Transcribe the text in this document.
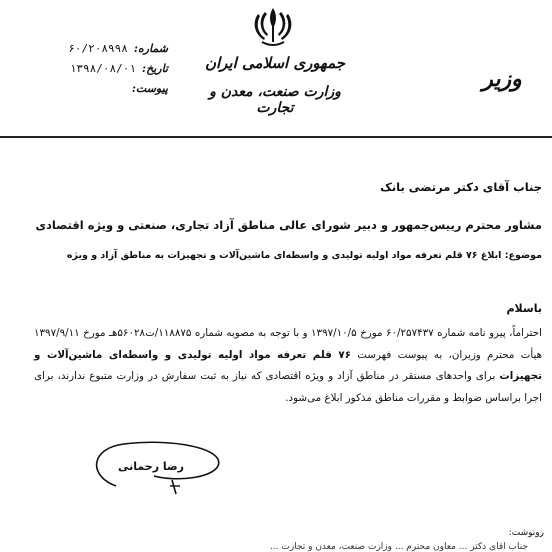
جمهوری اسلامی ایران
وزارت صنعت، معدن و تجارت
وزیر
شماره:
۶۰/۲۰۸۹۹۸
تاریخ:
۱۳۹۸/۰۸/۰۱
پیوست:
جناب آقای دکتر مرتضی بانک
مشاور محترم رییس‌جمهور و دبیر شورای عالی مناطق آزاد تجاری، صنعتی و ویژه اقتصادی
موضوع: ابلاغ ۷۶ قلم تعرفه مواد اولیه تولیدی و واسطه‌ای ماشین‌آلات و تجهیزات به مناطق آزاد و ویژه
باسلام
احتراماً، پیرو نامه شماره ۶۰/۲۵۷۴۳۷ مورخ ۱۳۹۷/۱۰/۵ و با توجه به مصوبه شماره ۱۱۸۸۷۵/ت۵۶۰۲۸هـ مورخ ۱۳۹۷/۹/۱۱ هیأت محترم وزیران، به پیوست فهرست ۷۶ قلم تعرفه مواد اولیه تولیدی و واسطه‌ای ماشین‌آلات و تجهیزات برای واحدهای مستقر در مناطق آزاد و ویژه اقتصادی که نیاز به ثبت سفارش در وزارت متبوع ندارند، برای اجرا براساس ضوابط و مقررات مناطق مذکور ابلاغ می‌شود.
رضا رحمانی
رونوشت:
جناب آقای دکتر ... معاون محترم ... وزارت صنعت، معدن و تجارت ...
